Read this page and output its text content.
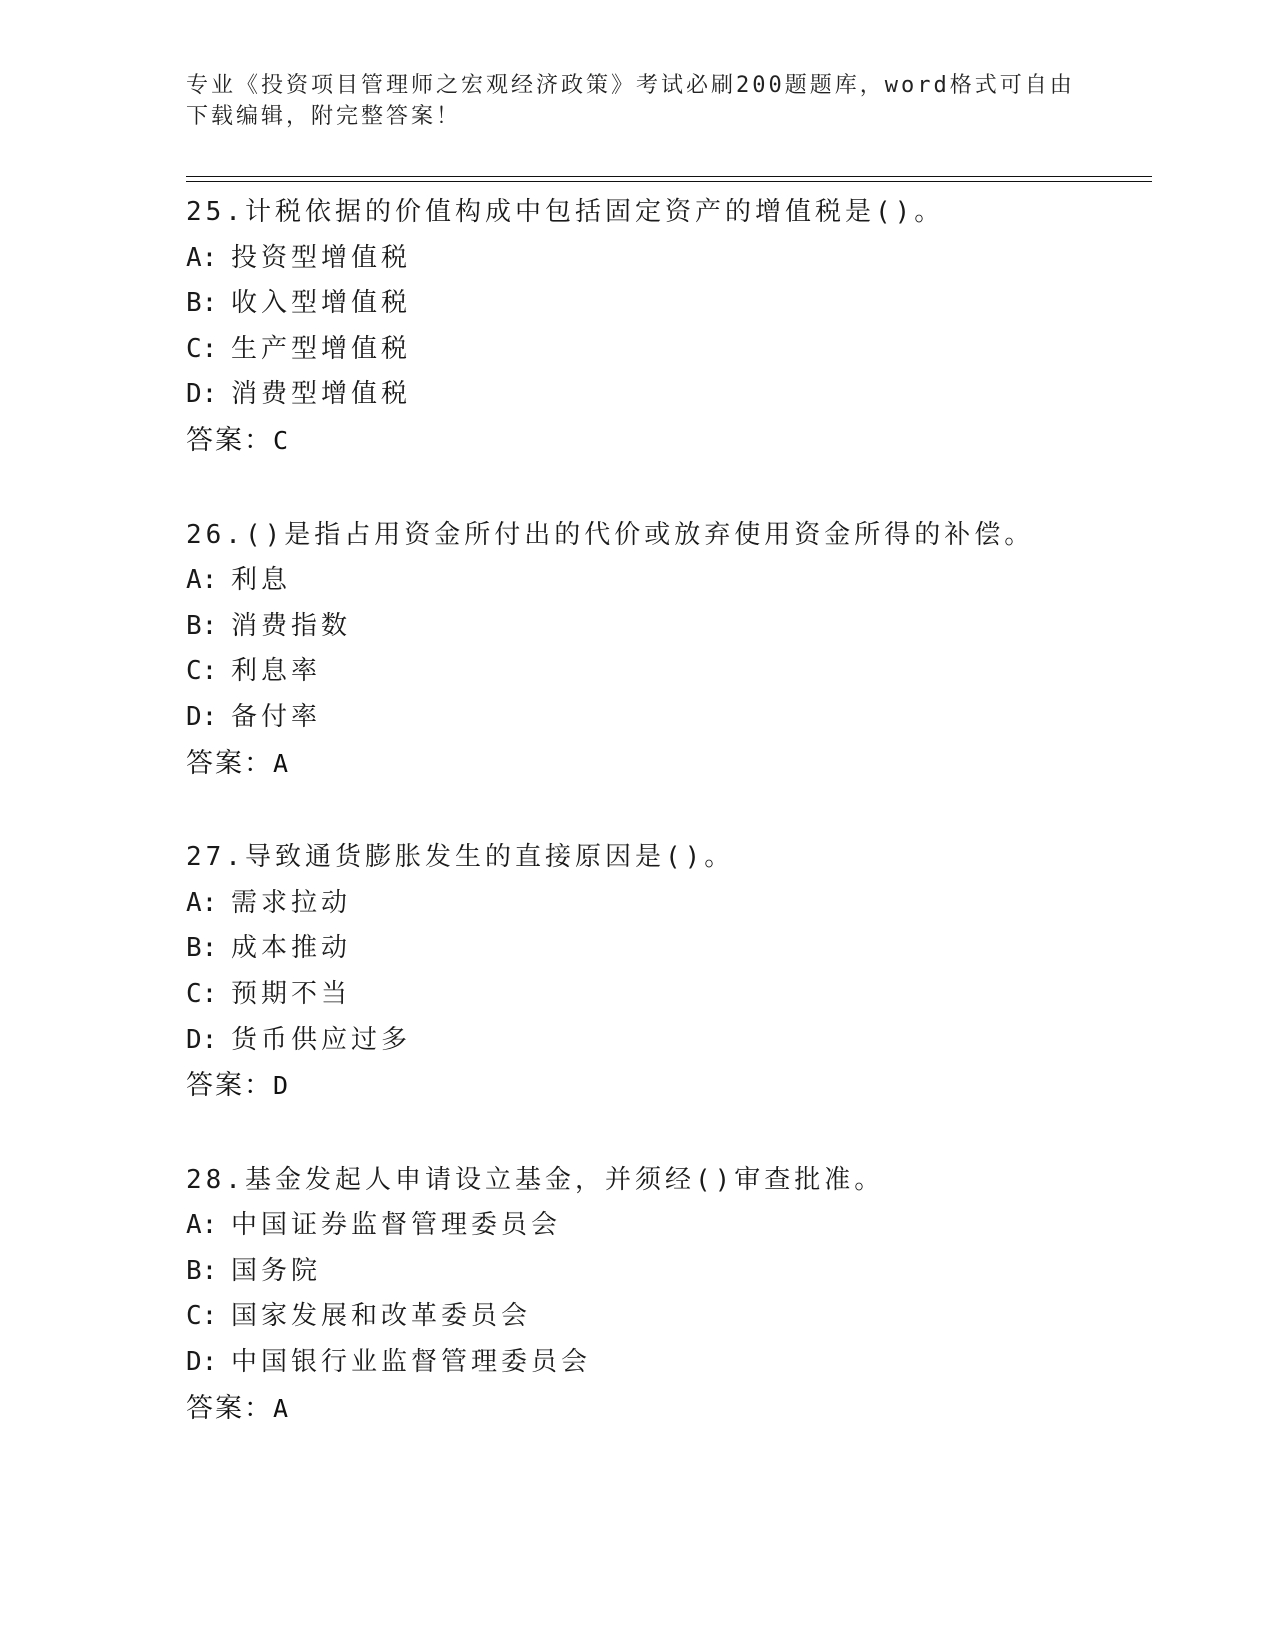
专业《投资项目管理师之宏观经济政策》考试必刷200题题库，word格式可自由
下载编辑，附完整答案！
25.计税依据的价值构成中包括固定资产的增值税是()。
A: 投资型增值税
B: 收入型增值税
C: 生产型增值税
D: 消费型增值税
答案：C
26.()是指占用资金所付出的代价或放弃使用资金所得的补偿。
A: 利息
B: 消费指数
C: 利息率
D: 备付率
答案：A
27.导致通货膨胀发生的直接原因是()。
A: 需求拉动
B: 成本推动
C: 预期不当
D: 货币供应过多
答案：D
28.基金发起人申请设立基金，并须经()审查批准。
A: 中国证券监督管理委员会
B: 国务院
C: 国家发展和改革委员会
D: 中国银行业监督管理委员会
答案：A
